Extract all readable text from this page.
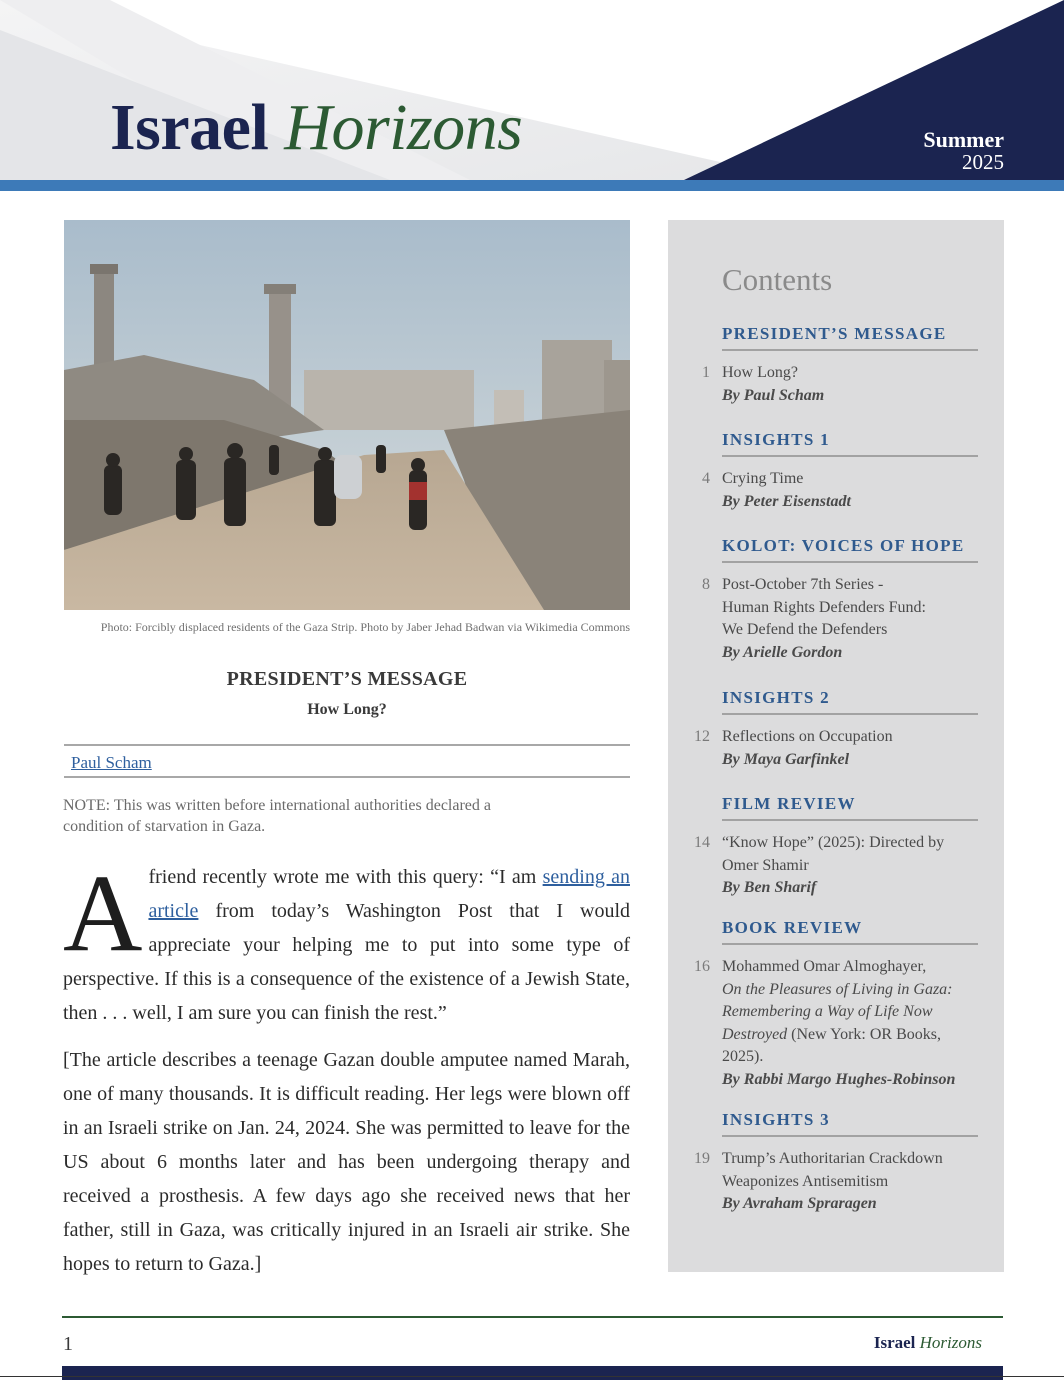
Israel Horizons	Summer
2025
Photo: Forcibly displaced residents of the Gaza Strip. Photo by Jaber Jehad Badwan via Wikimedia Commons
PRESIDENT’S MESSAGE
How Long?
Paul Scham
NOTE: This was written before international authorities declared a condition of starvation in Gaza.
Afriend recently wrote me with this query: “I am sending an article from today’s Washington Post that I would appreciate your helping me to put into some type of perspective. If this is a consequence of the existence of a Jewish State, then . . . well, I am sure you can finish the rest.”
[The article describes a teenage Gazan double amputee named Marah, one of many thousands. It is difficult reading. Her legs were blown off in an Israeli strike on Jan. 24, 2024. She was permitted to leave for the US about 6 months later and has been undergoing therapy and received a prosthesis. A few days ago she received news that her father, still in Gaza, was critically injured in an Israeli air strike. She hopes to return to Gaza.]
Contents
PRESIDENT’S MESSAGE
1 How Long?
By Paul Scham
INSIGHTS 1
4 Crying Time
By Peter Eisenstadt
KOLOT: VOICES OF HOPE
8 Post-October 7th Series -
Human Rights Defenders Fund:
We Defend the Defenders
By Arielle Gordon
INSIGHTS 2
12 Reflections on Occupation
By Maya Garfinkel
FILM REVIEW
14 “Know Hope” (2025): Directed by
Omer Shamir
By Ben Sharif
BOOK REVIEW
16 Mohammed Omar Almoghayer,
On the Pleasures of Living in Gaza:
Remembering a Way of Life Now
Destroyed (New York: OR Books,
2025).
By Rabbi Margo Hughes-Robinson
INSIGHTS 3
19 Trump’s Authoritarian Crackdown
Weaponizes Antisemitism
By Avraham Spraragen
1	Israel Horizons
